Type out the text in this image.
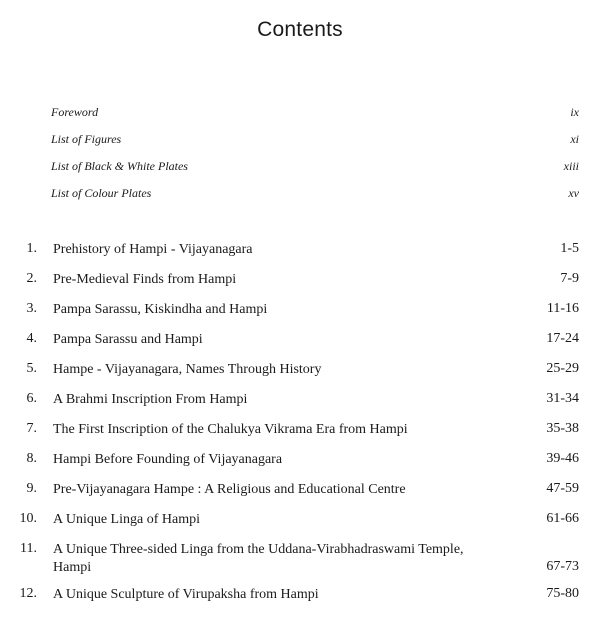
Contents
Foreword	ix
List of Figures	xi
List of Black & White Plates	xiii
List of Colour Plates	xv
1. Prehistory of Hampi - Vijayanagara	1-5
2. Pre-Medieval Finds from Hampi	7-9
3. Pampa Sarassu, Kiskindha and Hampi	11-16
4. Pampa Sarassu and Hampi	17-24
5. Hampe - Vijayanagara, Names Through History	25-29
6. A Brahmi Inscription From Hampi	31-34
7. The First Inscription of the Chalukya Vikrama Era from Hampi	35-38
8. Hampi Before Founding of Vijayanagara	39-46
9. Pre-Vijayanagara Hampe : A Religious and Educational Centre	47-59
10. A Unique Linga of Hampi	61-66
11. A Unique Three-sided Linga from the Uddana-Virabhadraswami Temple, Hampi	67-73
12. A Unique Sculpture of Virupaksha from Hampi	75-80
